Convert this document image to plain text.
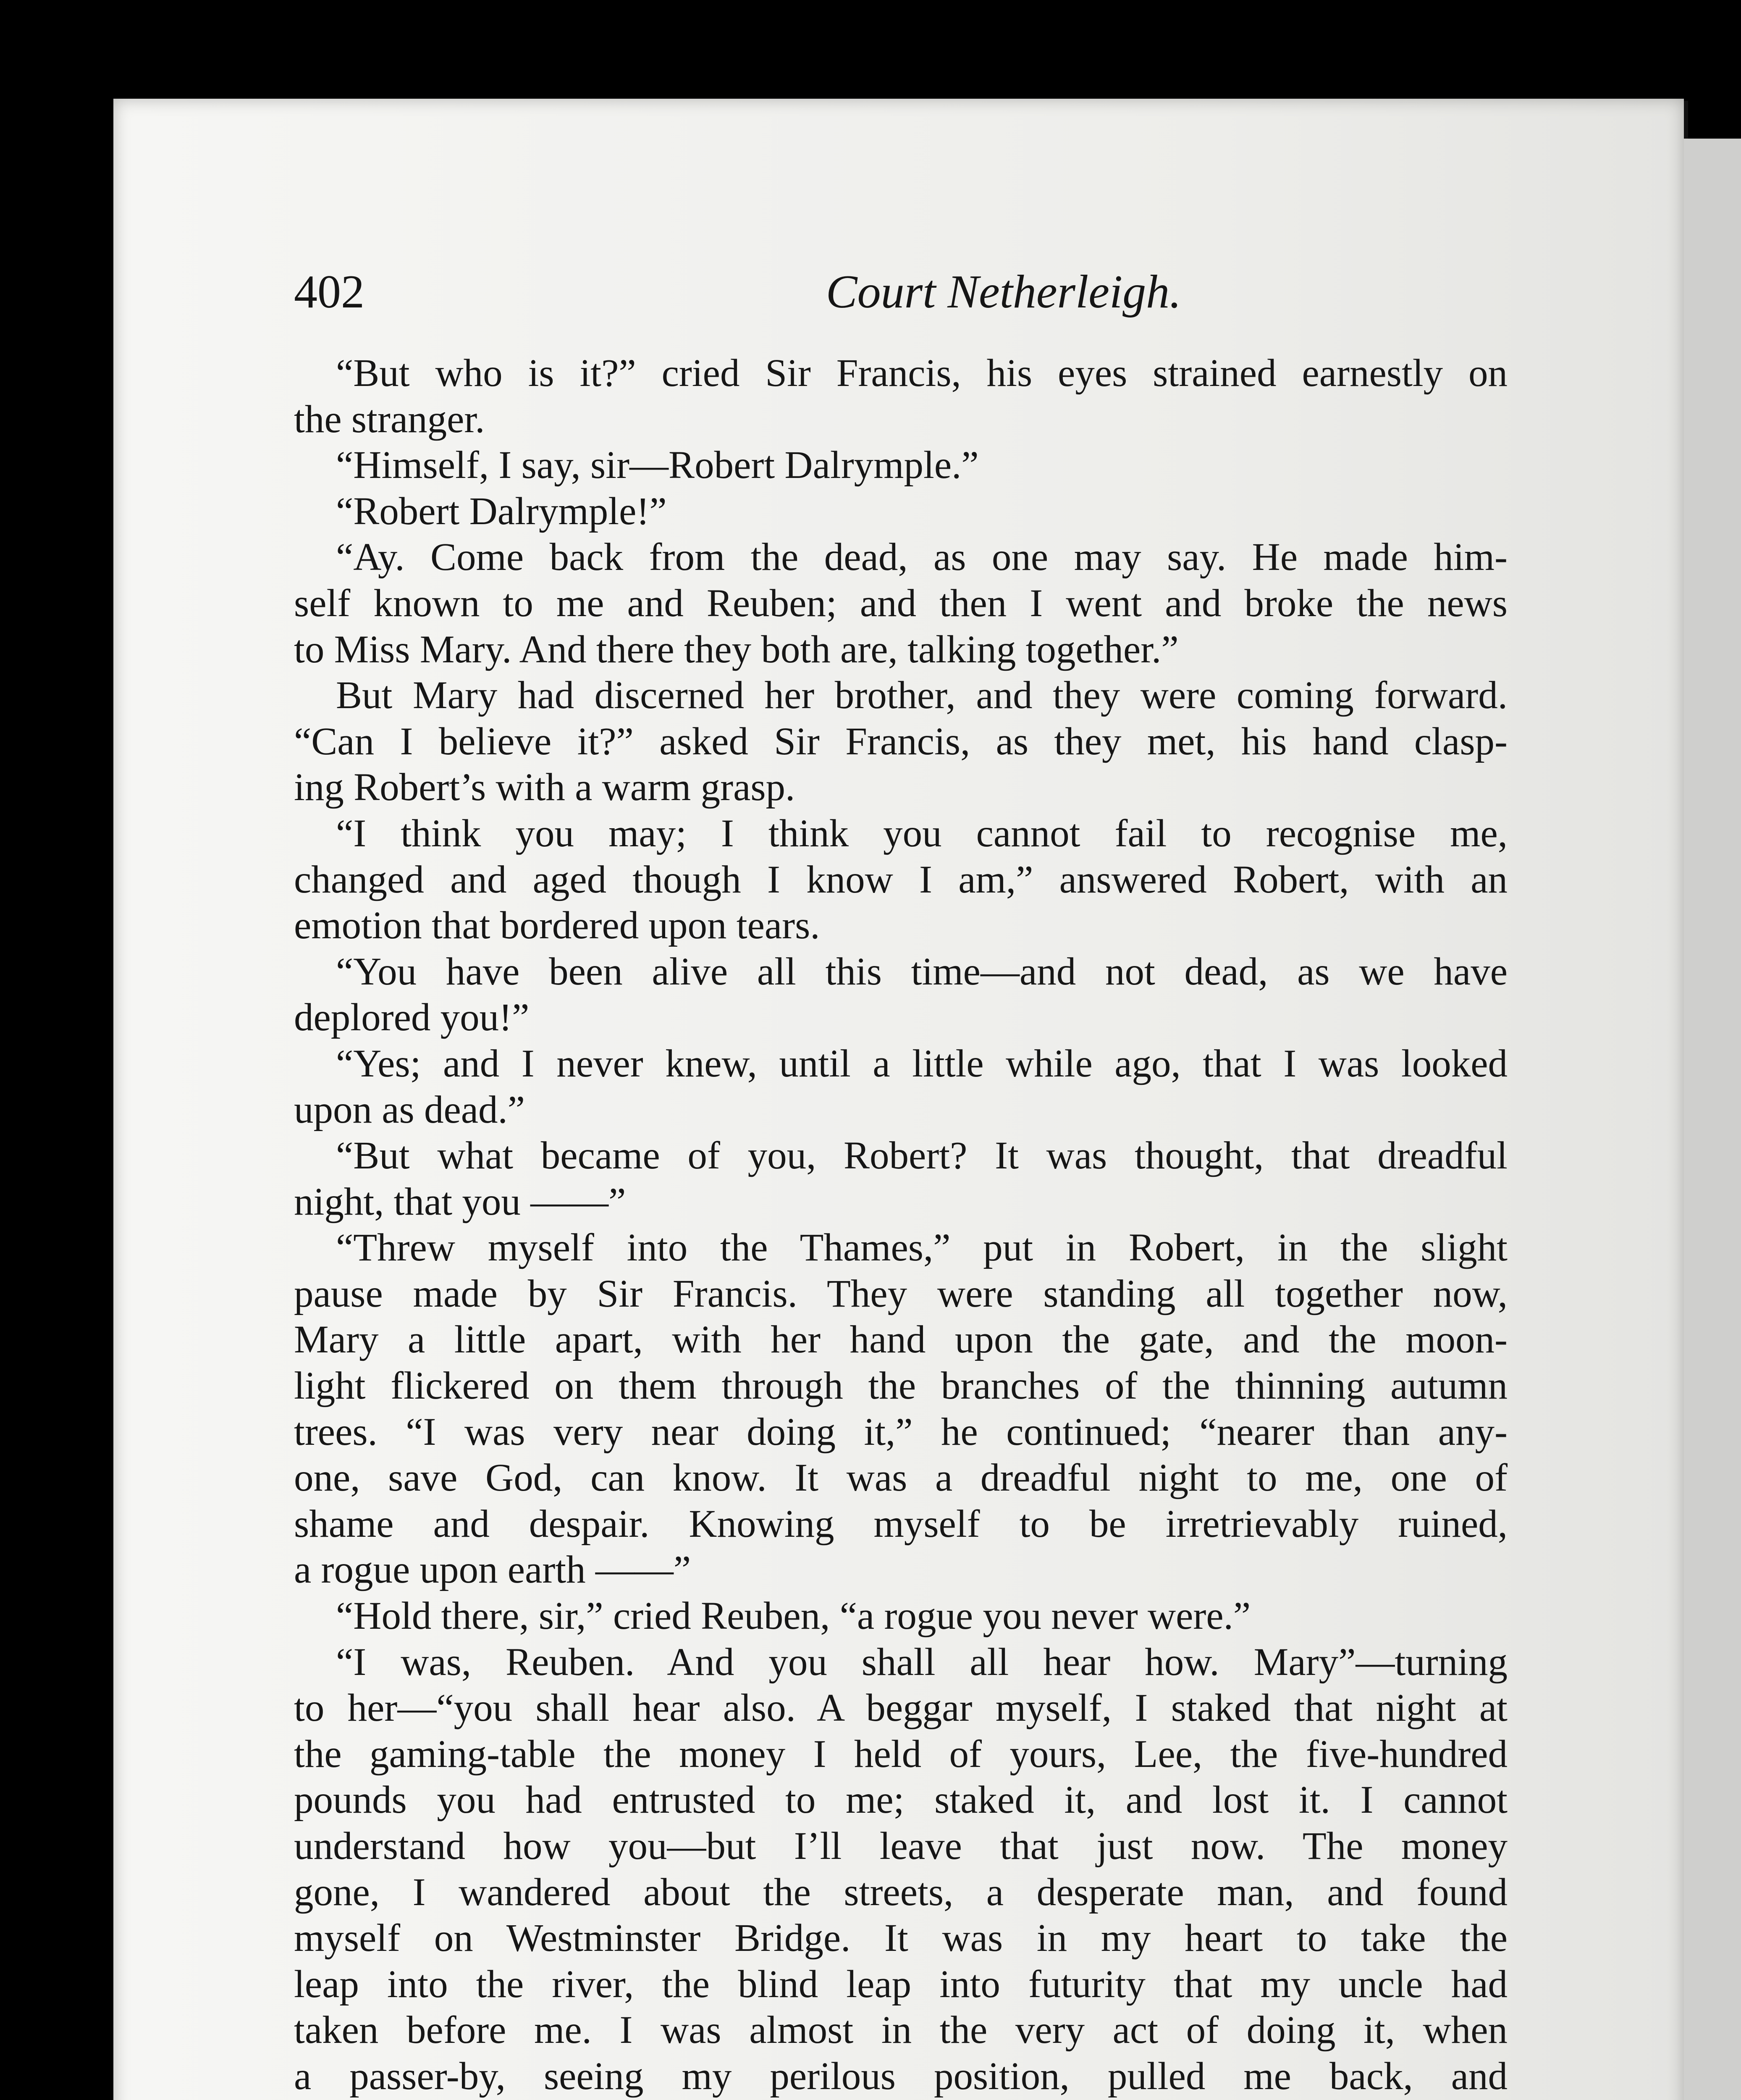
402	Court Netherleigh.
“But who is it?” cried Sir Francis, his eyes strained earnestly on
the stranger.
“Himself, I say, sir—Robert Dalrymple.”
“Robert Dalrymple!”
“Ay. Come back from the dead, as one may say. He made him-
self known to me and Reuben; and then I went and broke the news
to Miss Mary. And there they both are, talking together.”
But Mary had discerned her brother, and they were coming forward.
“Can I believe it?” asked Sir Francis, as they met, his hand clasp-
ing Robert’s with a warm grasp.
“I think you may; I think you cannot fail to recognise me,
changed and aged though I know I am,” answered Robert, with an
emotion that bordered upon tears.
“You have been alive all this time—and not dead, as we have
deplored you!”
“Yes; and I never knew, until a little while ago, that I was looked
upon as dead.”
“But what became of you, Robert? It was thought, that dreadful
night, that you ——”
“Threw myself into the Thames,” put in Robert, in the slight
pause made by Sir Francis. They were standing all together now,
Mary a little apart, with her hand upon the gate, and the moon-
light flickered on them through the branches of the thinning autumn
trees. “I was very near doing it,” he continued; “nearer than any-
one, save God, can know. It was a dreadful night to me, one of
shame and despair. Knowing myself to be irretrievably ruined,
a rogue upon earth ——”
“Hold there, sir,” cried Reuben, “a rogue you never were.”
“I was, Reuben. And you shall all hear how. Mary”—turning
to her—“you shall hear also. A beggar myself, I staked that night at
the gaming-table the money I held of yours, Lee, the five-hundred
pounds you had entrusted to me; staked it, and lost it. I cannot
understand how you—but I’ll leave that just now. The money
gone, I wandered about the streets, a desperate man, and found
myself on Westminster Bridge. It was in my heart to take the
leap into the river, the blind leap into futurity that my uncle had
taken before me. I was almost in the very act of doing it, when
a passer-by, seeing my perilous position, pulled me back, and
